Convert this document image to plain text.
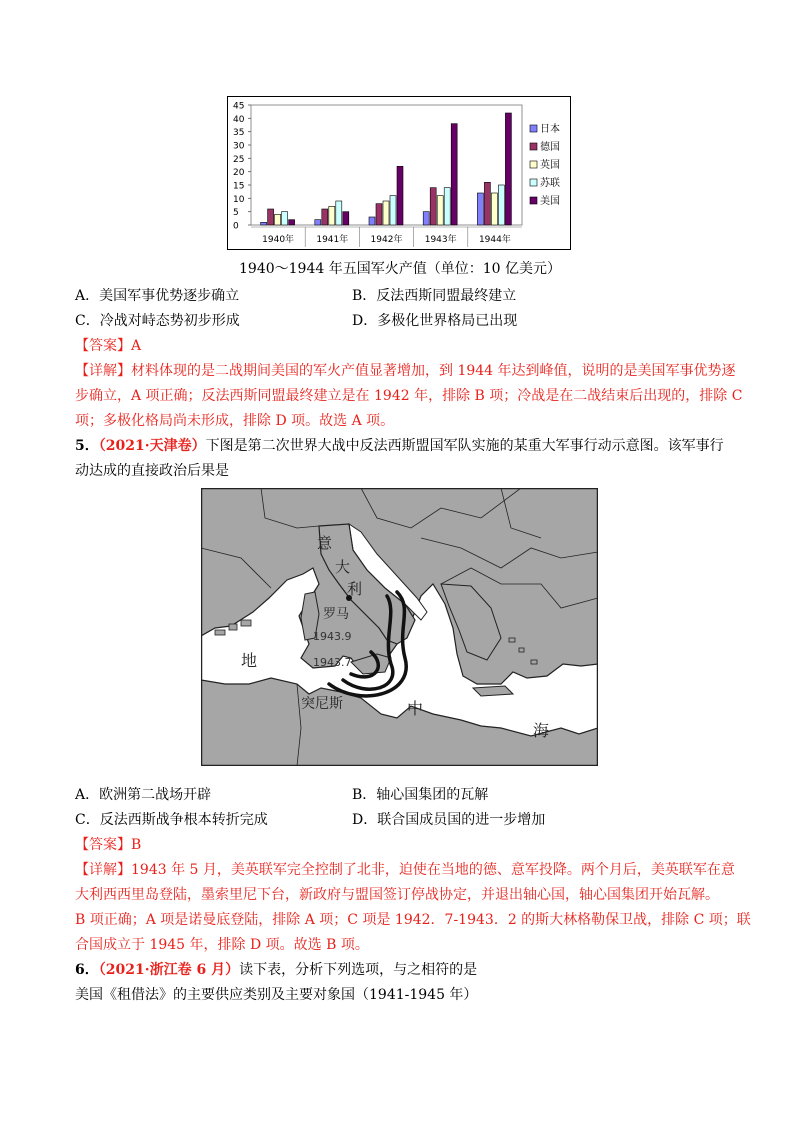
0
5
10
15
20
25
30
35
40
45
1940年 1941年 1942年 1943年 1944年
日本
德国
英国
苏联
美国
1940～1944 年五国军火产值（单位：10 亿美元）
A．美国军事优势逐步确立	B．反法西斯同盟最终建立
C．冷战对峙态势初步形成	D．多极化世界格局已出现
【答案】A
【详解】材料体现的是二战期间美国的军火产值显著增加，到 1944 年达到峰值，说明的是美国军事优势逐
步确立，A 项正确；反法西斯同盟最终建立是在 1942 年，排除 B 项；冷战是在二战结束后出现的，排除 C
项；多极化格局尚未形成，排除 D 项。故选 A 项。
5．（2021·天津卷）下图是第二次世界大战中反法西斯盟国军队实施的某重大军事行动示意图。该军事行
动达成的直接政治后果是
意
大
利
罗马
1943.9
1943.7
突尼斯
地
中
海
A．欧洲第二战场开辟	B．轴心国集团的瓦解
C．反法西斯战争根本转折完成	D．联合国成员国的进一步增加
【答案】B
【详解】1943 年 5 月，美英联军完全控制了北非，迫使在当地的德、意军投降。两个月后，美英联军在意
大利西西里岛登陆，墨索里尼下台，新政府与盟国签订停战协定，并退出轴心国，轴心国集团开始瓦解。
B 项正确；A 项是诺曼底登陆，排除 A 项；C 项是 1942．7-1943．2 的斯大林格勒保卫战，排除 C 项；联
合国成立于 1945 年，排除 D 项。故选 B 项。
6．（2021·浙江卷 6 月）读下表，分析下列选项，与之相符的是
美国《租借法》的主要供应类别及主要对象国（1941-1945 年）
